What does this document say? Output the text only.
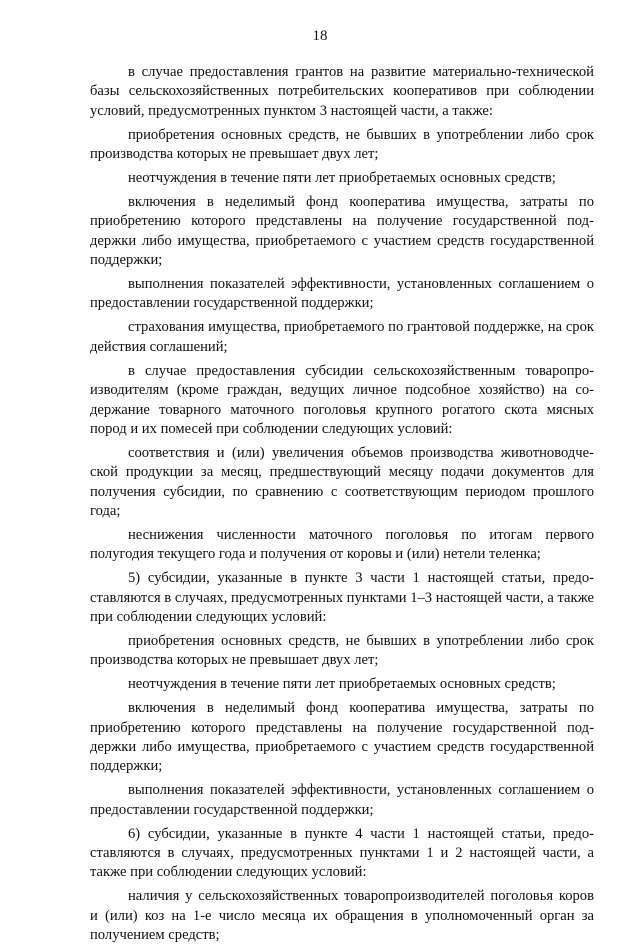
18

в случае предоставления грантов на развитие материально-технической базы сельскохозяйственных потребительских кооперативов при соблюдении условий, предусмотренных пунктом 3 настоящей части, а также:

приобретения основных средств, не бывших в употреблении либо срок производства которых не превышает двух лет;

неотчуждения в течение пяти лет приобретаемых основных средств;

включения в неделимый фонд кооператива имущества, затраты по приобретению которого представлены на получение государственной поддержки либо имущества, приобретаемого с участием средств государственной поддержки;

выполнения показателей эффективности, установленных соглашением о предоставлении государственной поддержки;

страхования имущества, приобретаемого по грантовой поддержке, на срок действия соглашений;

в случае предоставления субсидии сельскохозяйственным товаропроизводителям (кроме граждан, ведущих личное подсобное хозяйство) на содержание товарного маточного поголовья крупного рогатого скота мясных пород и их помесей при соблюдении следующих условий:

соответствия и (или) увеличения объемов производства животноводческой продукции за месяц, предшествующий месяцу подачи документов для получения субсидии, по сравнению с соответствующим периодом прошлого года;

неснижения численности маточного поголовья по итогам первого полугодия текущего года и получения от коровы и (или) нетели теленка;

5) субсидии, указанные в пункте 3 части 1 настоящей статьи, предоставляются в случаях, предусмотренных пунктами 1–3 настоящей части, а также при соблюдении следующих условий:

приобретения основных средств, не бывших в употреблении либо срок производства которых не превышает двух лет;

неотчуждения в течение пяти лет приобретаемых основных средств;

включения в неделимый фонд кооператива имущества, затраты по приобретению которого представлены на получение государственной поддержки либо имущества, приобретаемого с участием средств государственной поддержки;

выполнения показателей эффективности, установленных соглашением о предоставлении государственной поддержки;

6) субсидии, указанные в пункте 4 части 1 настоящей статьи, предоставляются в случаях, предусмотренных пунктами 1 и 2 настоящей части, а также при соблюдении следующих условий:

наличия у сельскохозяйственных товаропроизводителей поголовья коров и (или) коз на 1-е число месяца их обращения в уполномоченный орган за получением средств;
